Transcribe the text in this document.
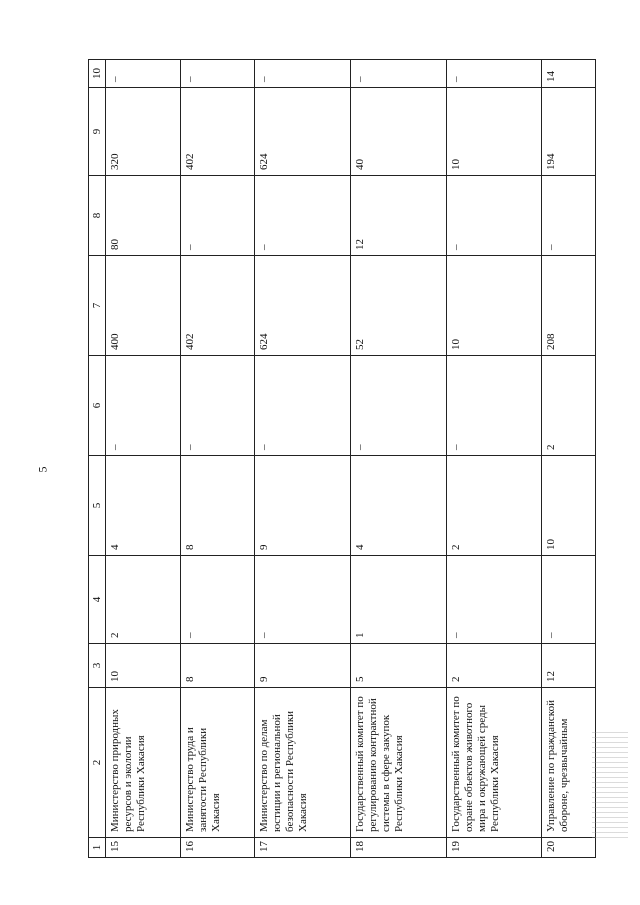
5
1	2	3	4	5	6	7	8	9	10
15	Министерство природных ресурсов и экологии Республики Хакасия	10	2	4	–	400	80	320	–
16	Министерство труда и занятости Республики Хакасия	8	–	8	–	402	–	402	–
17	Министерство по делам юстиции и региональной безопасности Республики Хакасия	9	–	9	–	624	–	624	–
18	Государственный комитет по регулированию контрактной системы в сфере закупок Республики Хакасия	5	1	4	–	52	12	40	–
19	Государственный комитет по охране объектов животного мира и окружающей среды Республики Хакасия	2	–	2	–	10	–	10	–
20	Управление по гражданской обороне, чрезвычайным	12	–	10	2	208	–	194	14
